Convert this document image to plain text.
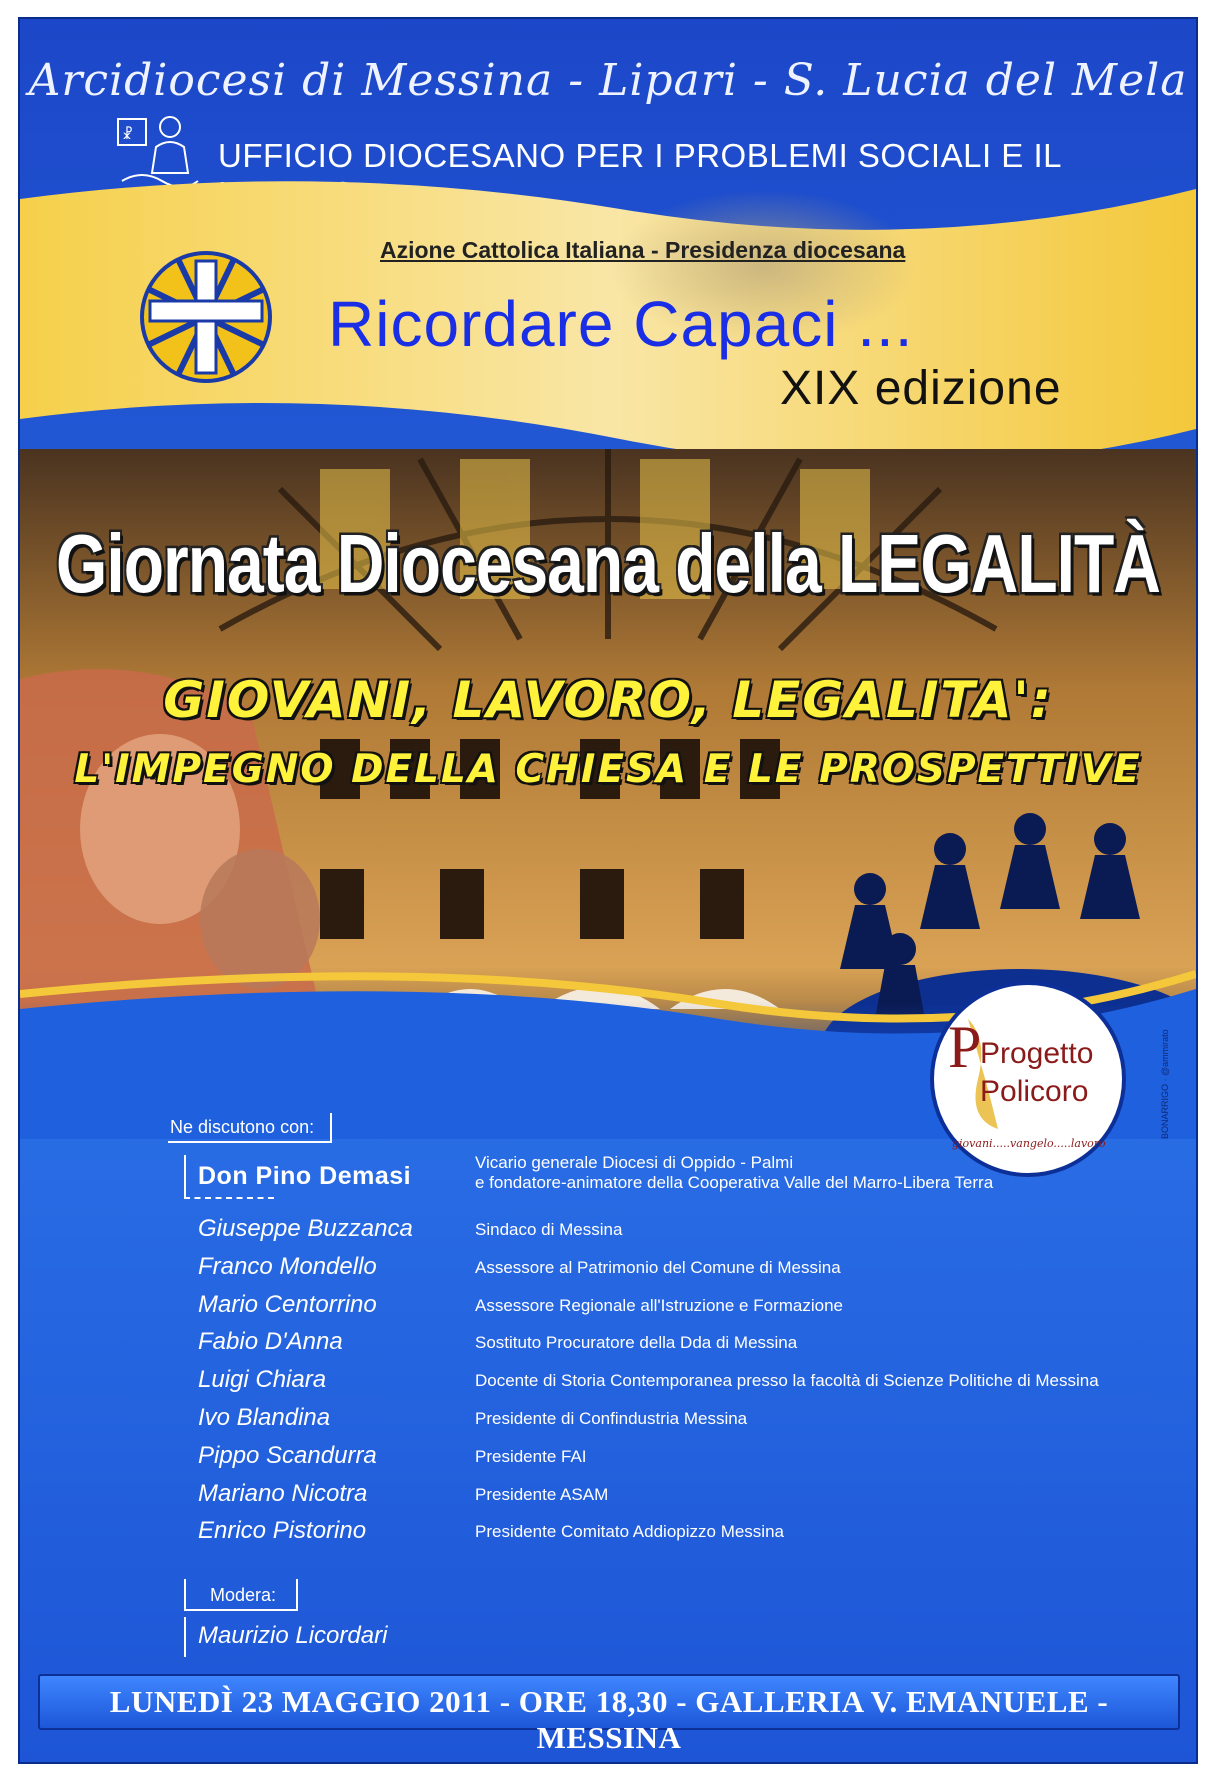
Arcidiocesi di Messina - Lipari - S. Lucia del Mela
☧
UFFICIO DIOCESANO PER I PROBLEMI SOCIALI E IL
Azione Cattolica Italiana - Presidenza diocesana
Ricordare Capaci ...
XIX edizione
Giornata Diocesana della LEGALITÀ
GIOVANI, LAVORO, LEGALITA':
L'IMPEGNO DELLA CHIESA E LE PROSPETTIVE
P
Progetto
Policoro
giovani.....vangelo.....lavoro
Ne discutono con:
Don Pino Demasi	Vicario generale Diocesi di Oppido - Palmi
e fondatore-animatore della Cooperativa Valle del Marro-Libera Terra
Giuseppe Buzzanca	Sindaco di Messina
Franco Mondello	Assessore al Patrimonio del Comune di Messina
Mario Centorrino	Assessore Regionale all'Istruzione e Formazione
Fabio D'Anna	Sostituto Procuratore della Dda di Messina
Luigi Chiara	Docente di Storia Contemporanea presso la facoltà di Scienze Politiche di Messina
Ivo Blandina	Presidente di Confindustria Messina
Pippo Scandurra	Presidente FAI
Mariano Nicotra	Presidente ASAM
Enrico Pistorino	Presidente Comitato Addiopizzo Messina
Modera:
Maurizio Licordari
BONARRIGO · @ammirato
LUNEDÌ 23 MAGGIO 2011 - ORE 18,30 - GALLERIA V. EMANUELE - MESSINA
